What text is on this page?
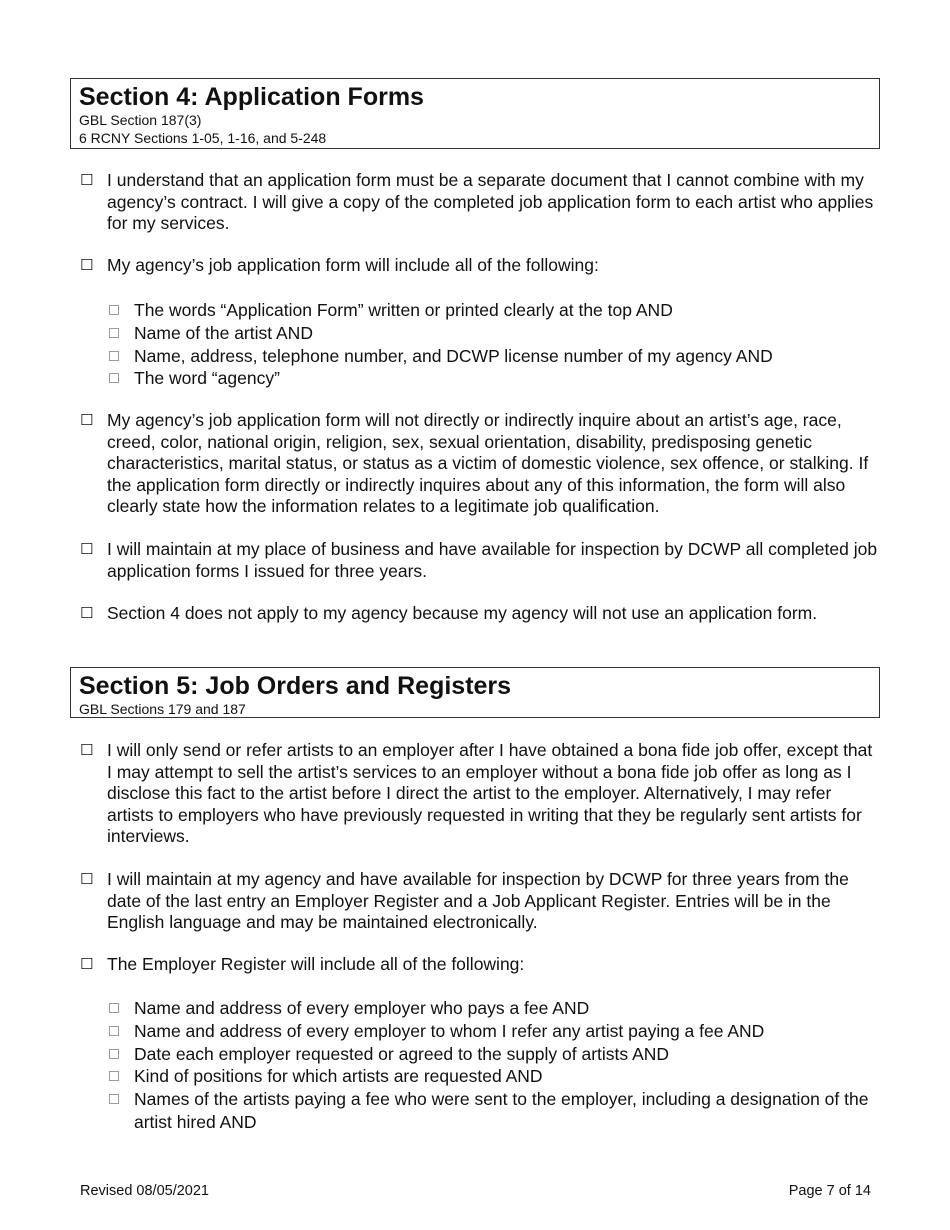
Section 4: Application Forms
GBL Section 187(3)
6 RCNY Sections 1-05, 1-16, and 5-248
☐ I understand that an application form must be a separate document that I cannot combine with my agency’s contract. I will give a copy of the completed job application form to each artist who applies for my services.
☐ My agency’s job application form will include all of the following:
The words “Application Form” written or printed clearly at the top AND
Name of the artist AND
Name, address, telephone number, and DCWP license number of my agency AND
The word “agency”
☐ My agency’s job application form will not directly or indirectly inquire about an artist’s age, race, creed, color, national origin, religion, sex, sexual orientation, disability, predisposing genetic characteristics, marital status, or status as a victim of domestic violence, sex offence, or stalking. If the application form directly or indirectly inquires about any of this information, the form will also clearly state how the information relates to a legitimate job qualification.
☐ I will maintain at my place of business and have available for inspection by DCWP all completed job application forms I issued for three years.
☐ Section 4 does not apply to my agency because my agency will not use an application form.
Section 5: Job Orders and Registers
GBL Sections 179 and 187
☐ I will only send or refer artists to an employer after I have obtained a bona fide job offer, except that I may attempt to sell the artist’s services to an employer without a bona fide job offer as long as I disclose this fact to the artist before I direct the artist to the employer. Alternatively, I may refer artists to employers who have previously requested in writing that they be regularly sent artists for interviews.
☐ I will maintain at my agency and have available for inspection by DCWP for three years from the date of the last entry an Employer Register and a Job Applicant Register. Entries will be in the English language and may be maintained electronically.
☐ The Employer Register will include all of the following:
Name and address of every employer who pays a fee AND
Name and address of every employer to whom I refer any artist paying a fee AND
Date each employer requested or agreed to the supply of artists AND
Kind of positions for which artists are requested AND
Names of the artists paying a fee who were sent to the employer, including a designation of the artist hired AND
Revised 08/05/2021	Page 7 of 14
